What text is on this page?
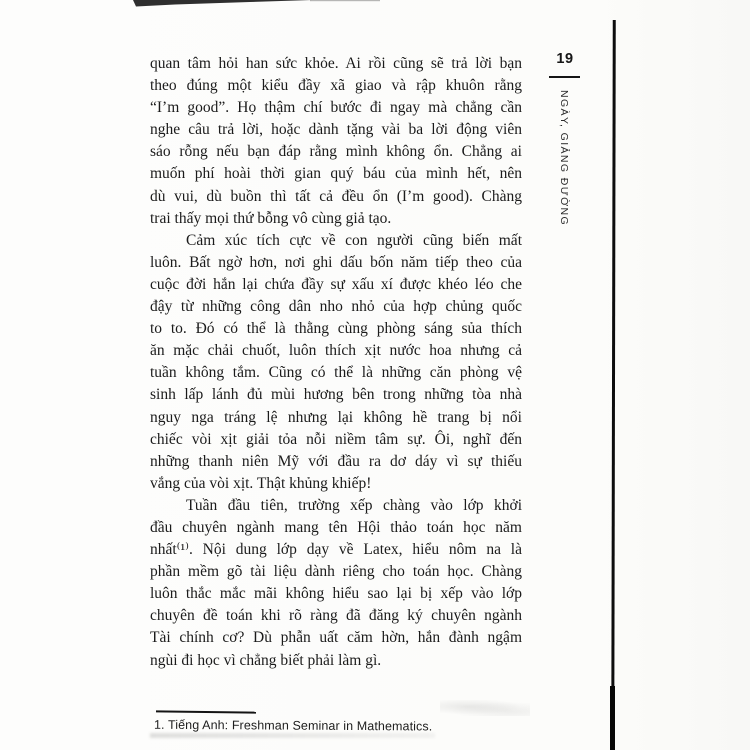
19
NGÀY, GIẢNG ĐƯỜNG
quan tâm hỏi han sức khỏe. Ai rồi cũng sẽ trả lời bạn
theo đúng một kiểu đầy xã giao và rập khuôn rằng
“I’m good”. Họ thậm chí bước đi ngay mà chẳng cần
nghe câu trả lời, hoặc dành tặng vài ba lời động viên
sáo rỗng nếu bạn đáp rằng mình không ổn. Chẳng ai
muốn phí hoài thời gian quý báu của mình hết, nên
dù vui, dù buồn thì tất cả đều ổn (I’m good). Chàng
trai thấy mọi thứ bỗng vô cùng giả tạo.
Cảm xúc tích cực về con người cũng biến mất
luôn. Bất ngờ hơn, nơi ghi dấu bốn năm tiếp theo của
cuộc đời hắn lại chứa đầy sự xấu xí được khéo léo che
đậy từ những công dân nho nhỏ của hợp chủng quốc
to to. Đó có thể là thằng cùng phòng sáng sủa thích
ăn mặc chải chuốt, luôn thích xịt nước hoa nhưng cả
tuần không tắm. Cũng có thể là những căn phòng vệ
sinh lấp lánh đủ mùi hương bên trong những tòa nhà
nguy nga tráng lệ nhưng lại không hề trang bị nổi
chiếc vòi xịt giải tỏa nỗi niềm tâm sự. Ôi, nghĩ đến
những thanh niên Mỹ với đầu ra dơ dáy vì sự thiếu
vắng của vòi xịt. Thật khủng khiếp!
Tuần đầu tiên, trường xếp chàng vào lớp khởi
đầu chuyên ngành mang tên Hội thảo toán học năm
nhất⁽¹⁾. Nội dung lớp dạy về Latex, hiểu nôm na là
phần mềm gõ tài liệu dành riêng cho toán học. Chàng
luôn thắc mắc mãi không hiểu sao lại bị xếp vào lớp
chuyên đề toán khi rõ ràng đã đăng ký chuyên ngành
Tài chính cơ? Dù phẫn uất căm hờn, hắn đành ngậm
ngùi đi học vì chẳng biết phải làm gì.
1. Tiếng Anh: Freshman Seminar in Mathematics.
